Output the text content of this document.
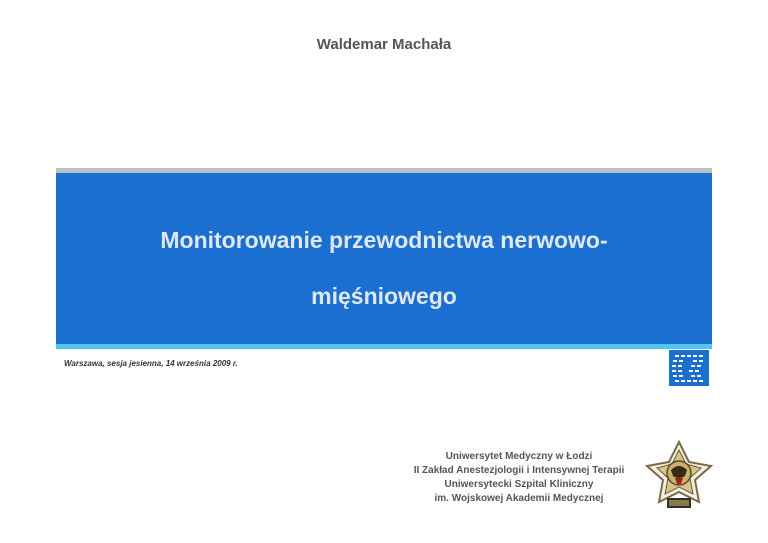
Waldemar Machała
Monitorowanie przewodnictwa nerwowo-
mięśniowego
Warszawa, sesja jesienna, 14 września 2009 r.
Uniwersytet Medyczny w Łodzi
II Zakład Anestezjologii i Intensywnej Terapii
Uniwersytecki Szpital Kliniczny
im. Wojskowej Akademii Medycznej
